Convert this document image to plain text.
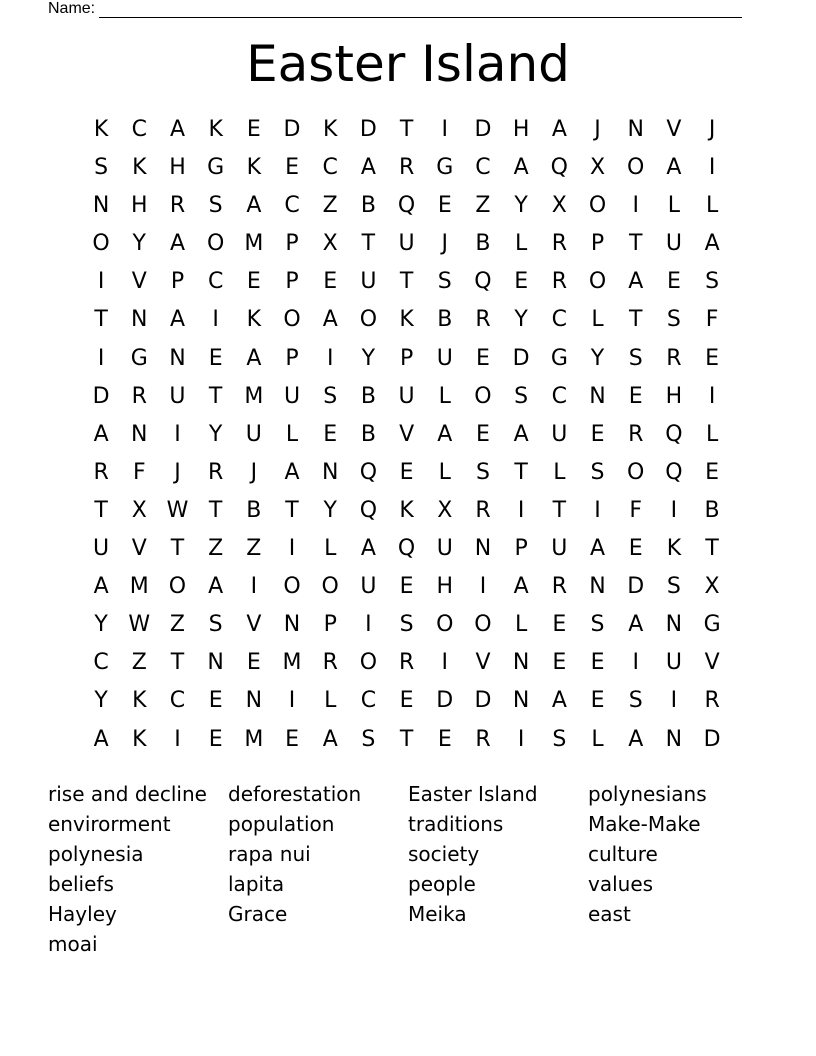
Name:
Easter Island
K	C	A	K	E	D	K	D	T	I	D H	A	J	N	V	J
S	K	H G	K	E	C	A	R	G C	A Q X O	A	I
N H	R	S	A	C	Z	B Q	E	Z	Y	X O	I	L	L
O	Y	A O M	P	X	T	U	J	B	L	R	P	T	U	A
I	V	P	C	E	P	E	U	T	S	Q	E	R O	A	E	S
T	N	A	I	K	O	A O	K	B	R	Y	C	L	T	S	F
I	G N	E	A	P	I	Y	P	U	E	D G	Y	S	R	E
D	R	U	T M U	S	B	U	L	O	S	C	N	E	H	I
A	N	I	Y	U	L	E	B	V	A	E	A	U	E	R Q	L
R	F	J	R	J	A	N Q	E	L	S	T	L	S	O Q	E
T	X W T	B	T	Y	Q	K	X	R	I	T	I	F	I	B
U	V	T	Z	Z	I	L	A Q U N	P	U	A	E	K	T
A M O	A	I	O O U	E	H	I	A	R	N D	S	X
Y W Z	S	V	N	P	I	S	O O	L	E	S	A	N G
C	Z	T	N	E M R O R	I	V	N	E	E	I	U	V
Y	K	C	E	N	I	L	C	E	D D N	A	E	S	I	R
A	K	I	E M E	A	S	T	E	R	I	S	L	A	N D
rise and decline	deforestation	Easter Island	polynesians
envirorment	population	traditions	Make-Make
polynesia	rapa nui	society	culture
beliefs	lapita	people	values
Hayley	Grace	Meika	east
moai
